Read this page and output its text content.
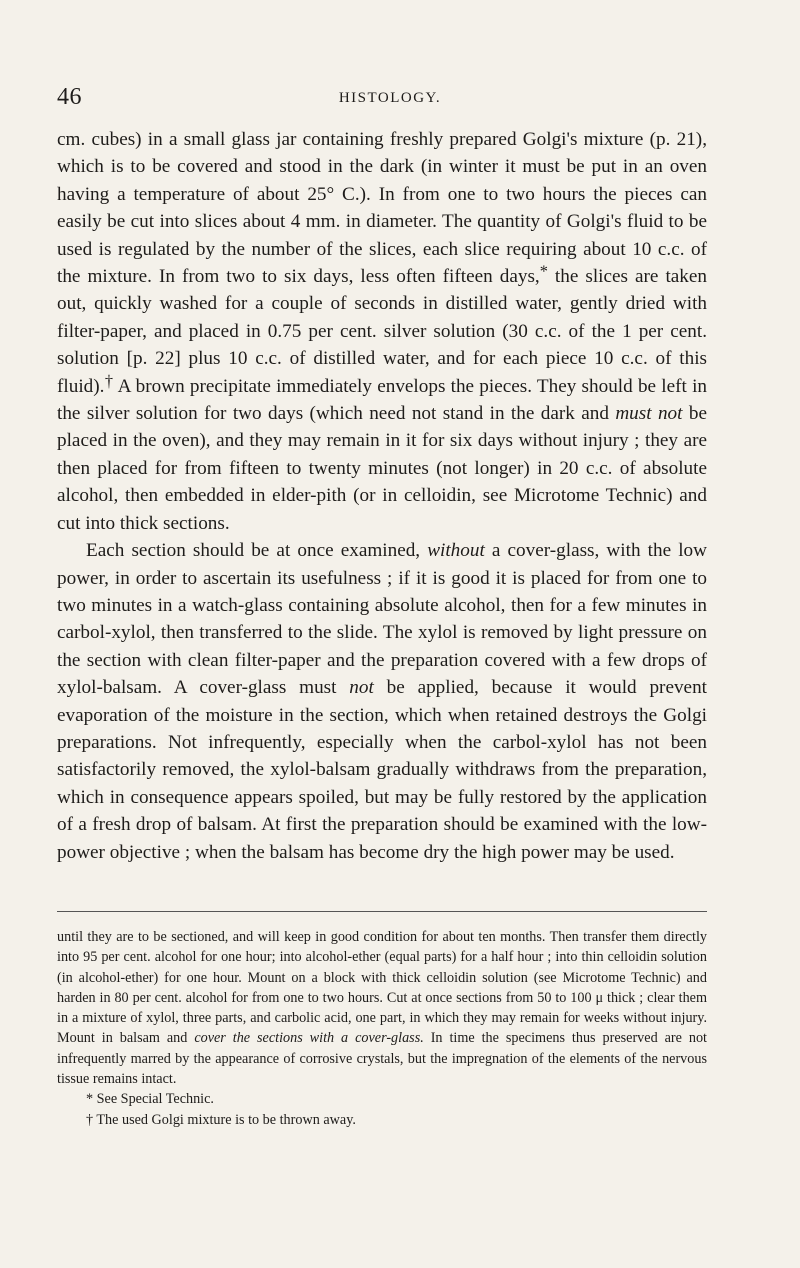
46	HISTOLOGY.

cm. cubes) in a small glass jar containing freshly prepared Golgi's mixture (p. 21), which is to be covered and stood in the dark (in winter it must be put in an oven having a temperature of about 25° C.). In from one to two hours the pieces can easily be cut into slices about 4 mm. in diameter. The quantity of Golgi's fluid to be used is regulated by the number of the slices, each slice requiring about 10 c.c. of the mixture. In from two to six days, less often fifteen days,* the slices are taken out, quickly washed for a couple of seconds in distilled water, gently dried with filter-paper, and placed in 0.75 per cent. silver solution (30 c.c. of the 1 per cent. solution [p. 22] plus 10 c.c. of distilled water, and for each piece 10 c.c. of this fluid).† A brown precipitate immediately envelops the pieces. They should be left in the silver solution for two days (which need not stand in the dark and must not be placed in the oven), and they may remain in it for six days without injury ; they are then placed for from fifteen to twenty minutes (not longer) in 20 c.c. of absolute alcohol, then embedded in elder-pith (or in celloidin, see Microtome Technic) and cut into thick sections.

Each section should be at once examined, without a cover-glass, with the low power, in order to ascertain its usefulness ; if it is good it is placed for from one to two minutes in a watch-glass containing absolute alcohol, then for a few minutes in carbol-xylol, then transferred to the slide. The xylol is removed by light pressure on the section with clean filter-paper and the preparation covered with a few drops of xylol-balsam. A cover-glass must not be applied, because it would prevent evaporation of the moisture in the section, which when retained destroys the Golgi preparations. Not infrequently, especially when the carbol-xylol has not been satisfactorily removed, the xylol-balsam gradually withdraws from the preparation, which in consequence appears spoiled, but may be fully restored by the application of a fresh drop of balsam. At first the preparation should be examined with the low-power objective ; when the balsam has become dry the high power may be used.

until they are to be sectioned, and will keep in good condition for about ten months. Then transfer them directly into 95 per cent. alcohol for one hour; into alcohol-ether (equal parts) for a half hour ; into thin celloidin solution (in alcohol-ether) for one hour. Mount on a block with thick celloidin solution (see Microtome Technic) and harden in 80 per cent. alcohol for from one to two hours. Cut at once sections from 50 to 100 μ thick ; clear them in a mixture of xylol, three parts, and carbolic acid, one part, in which they may remain for weeks without injury. Mount in balsam and cover the sections with a cover-glass. In time the specimens thus preserved are not infrequently marred by the appearance of corrosive crystals, but the impregnation of the elements of the nervous tissue remains intact.

* See Special Technic.

† The used Golgi mixture is to be thrown away.
